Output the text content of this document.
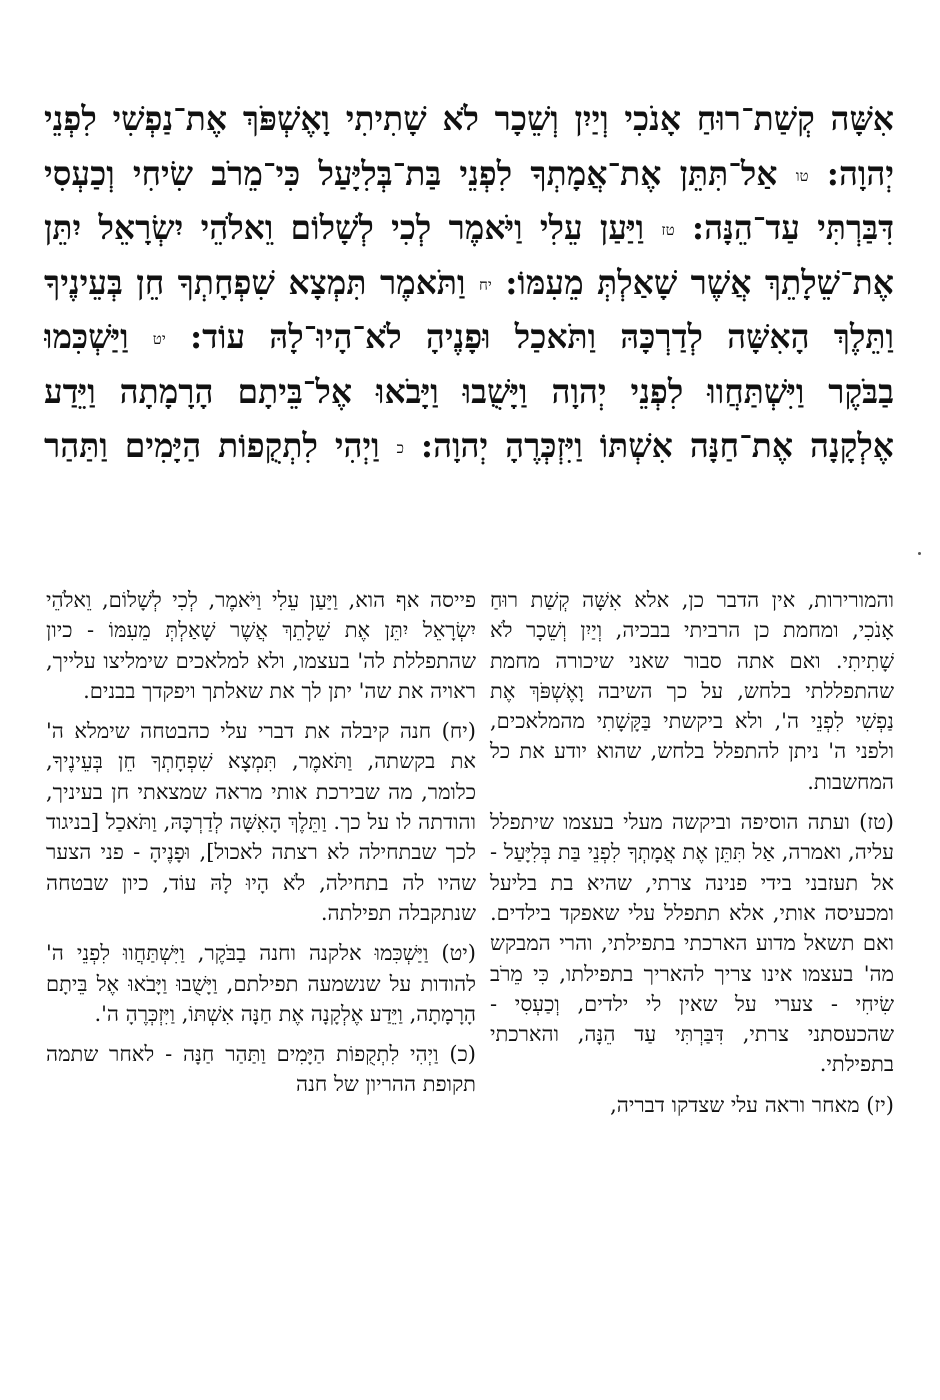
אִשָּׁה קְשַׁת־רוּחַ אָנֹכִי וְיַיִן וְשֵׁכָר לֹא שָׁתִיתִי וָאֶשְׁפֹּךְ אֶת־נַפְשִׁי לִפְנֵי
יְהוָה: טו אַל־תִּתֵּן אֶת־אֲמָתְךָ לִפְנֵי בַּת־בְּלִיָּעַל כִּי־מֵרֹב שִׂיחִי וְכַעְסִי
דִּבַּרְתִּי עַד־הֵנָּה: טז וַיַּעַן עֵלִי וַיֹּאמֶר לְכִי לְשָׁלוֹם וֵאלֹהֵי יִשְׂרָאֵל יִתֵּן
אֶת־שֵׁלָתֵךְ אֲשֶׁר שָׁאַלְתְּ מֵעִמּוֹ: יח וַתֹּאמֶר תִּמְצָא שִׁפְחָתְךָ חֵן בְּעֵינֶיךָ
וַתֵּלֶךְ הָאִשָּׁה לְדַרְכָּהּ וַתֹּאכַל וּפָנֶיהָ לֹא־הָיוּ־לָהּ עוֹד: יט וַיַּשְׁכִּמוּ
בַבֹּקֶר וַיִּשְׁתַּחֲווּ לִפְנֵי יְהוָה וַיָּשֻׁבוּ וַיָּבֹאוּ אֶל־בֵּיתָם הָרָמָתָה וַיֵּדַע
אֶלְקָנָה אֶת־חַנָּה אִשְׁתּוֹ וַיִּזְכְּרֶהָ יְהוָה: כ וַיְהִי לִתְקֻפוֹת הַיָּמִים וַתַּהַר

והמורירות, אין הדבר כן, אלא אִשָּׁה קְשַׁת רוּחַ אָנֹכִי, ומחמת כן הרביתי בבכיה, וְיַיִן וְשֵׁכָר לֹא שָׁתִיתִי. ואם אתה סבור שאני שיכורה מחמת שהתפללתי בלחש, על כך השיבה וָאֶשְׁפֹּךְ אֶת נַפְשִׁי לִפְנֵי ה', ולא ביקשתי בַּקָּשָׁתִי מהמלאכים, ולפני ה' ניתן להתפלל בלחש, שהוא יודע את כל המחשבות.

(טז) ועתה הוסיפה וביקשה מעלי בעצמו שיתפלל עליה, ואמרה, אַל תִּתֵּן אֶת אֲמָתְךָ לִפְנֵי בַּת בְּלִיָּעַל - אל תעזבני בידי פנינה צרתי, שהיא בת בליעל ומכעיסה אותי, אלא תתפלל עלי שאפקד בילדים. ואם תשאל מדוע הארכתי בתפילתי, והרי המבקש מה' בעצמו אינו צריך להאריך בתפילתו, כִּי מֵרֹב שִׂיחִי - צערי על שאין לי ילדים, וְכַעְסִי - שהכעסתני צרתי, דִּבַּרְתִּי עַד הֵנָּה, והארכתי בתפילתי.

(יז) מאחר וראה עלי שצדקו דבריה,

פייסה אף הוא, וַיַּעַן עֵלִי וַיֹּאמֶר, לְכִי לְשָׁלוֹם, וֵאלֹהֵי יִשְׂרָאֵל יִתֵּן אֶת שֵׁלָתֵךְ אֲשֶׁר שָׁאַלְתְּ מֵעִמּוֹ - כיון שהתפללת לה' בעצמו, ולא למלאכים שימליצו עלייך, ראויה את שה' יתן לך את שאלתך ויפקדך בבנים.

(יח) חנה קיבלה את דברי עלי כהבטחה שימלא ה' את בקשתה, וַתֹּאמֶר, תִּמְצָא שִׁפְחָתְךָ חֵן בְּעֵינֶיךָ, כלומר, מה שבירכת אותי מראה שמצאתי חן בעיניך, והודתה לו על כך. וַתֵּלֶךְ הָאִשָּׁה לְדַרְכָּהּ, וַתֹּאכַל [בניגוד לכך שבתחילה לא רצתה לאכול], וּפָנֶיהָ - פני הצער שהיו לה בתחילה, לֹא הָיוּ לָהּ עוֹד, כיון שבטחה שנתקבלה תפילתה.

(יט) וַיַּשְׁכִּמוּ אלקנה וחנה בַבֹּקֶר, וַיִּשְׁתַּחֲווּ לִפְנֵי ה' להודות על שנשמעה תפילתם, וַיָּשֻׁבוּ וַיָּבֹאוּ אֶל בֵּיתָם הָרָמָתָה, וַיֵּדַע אֶלְקָנָה אֶת חַנָּה אִשְׁתּוֹ, וַיִּזְכְּרֶהָ ה'.

(כ) וַיְהִי לִתְקֻפוֹת הַיָּמִים וַתַּהַר חַנָּה - לאחר שתמה תקופת ההריון של חנה
